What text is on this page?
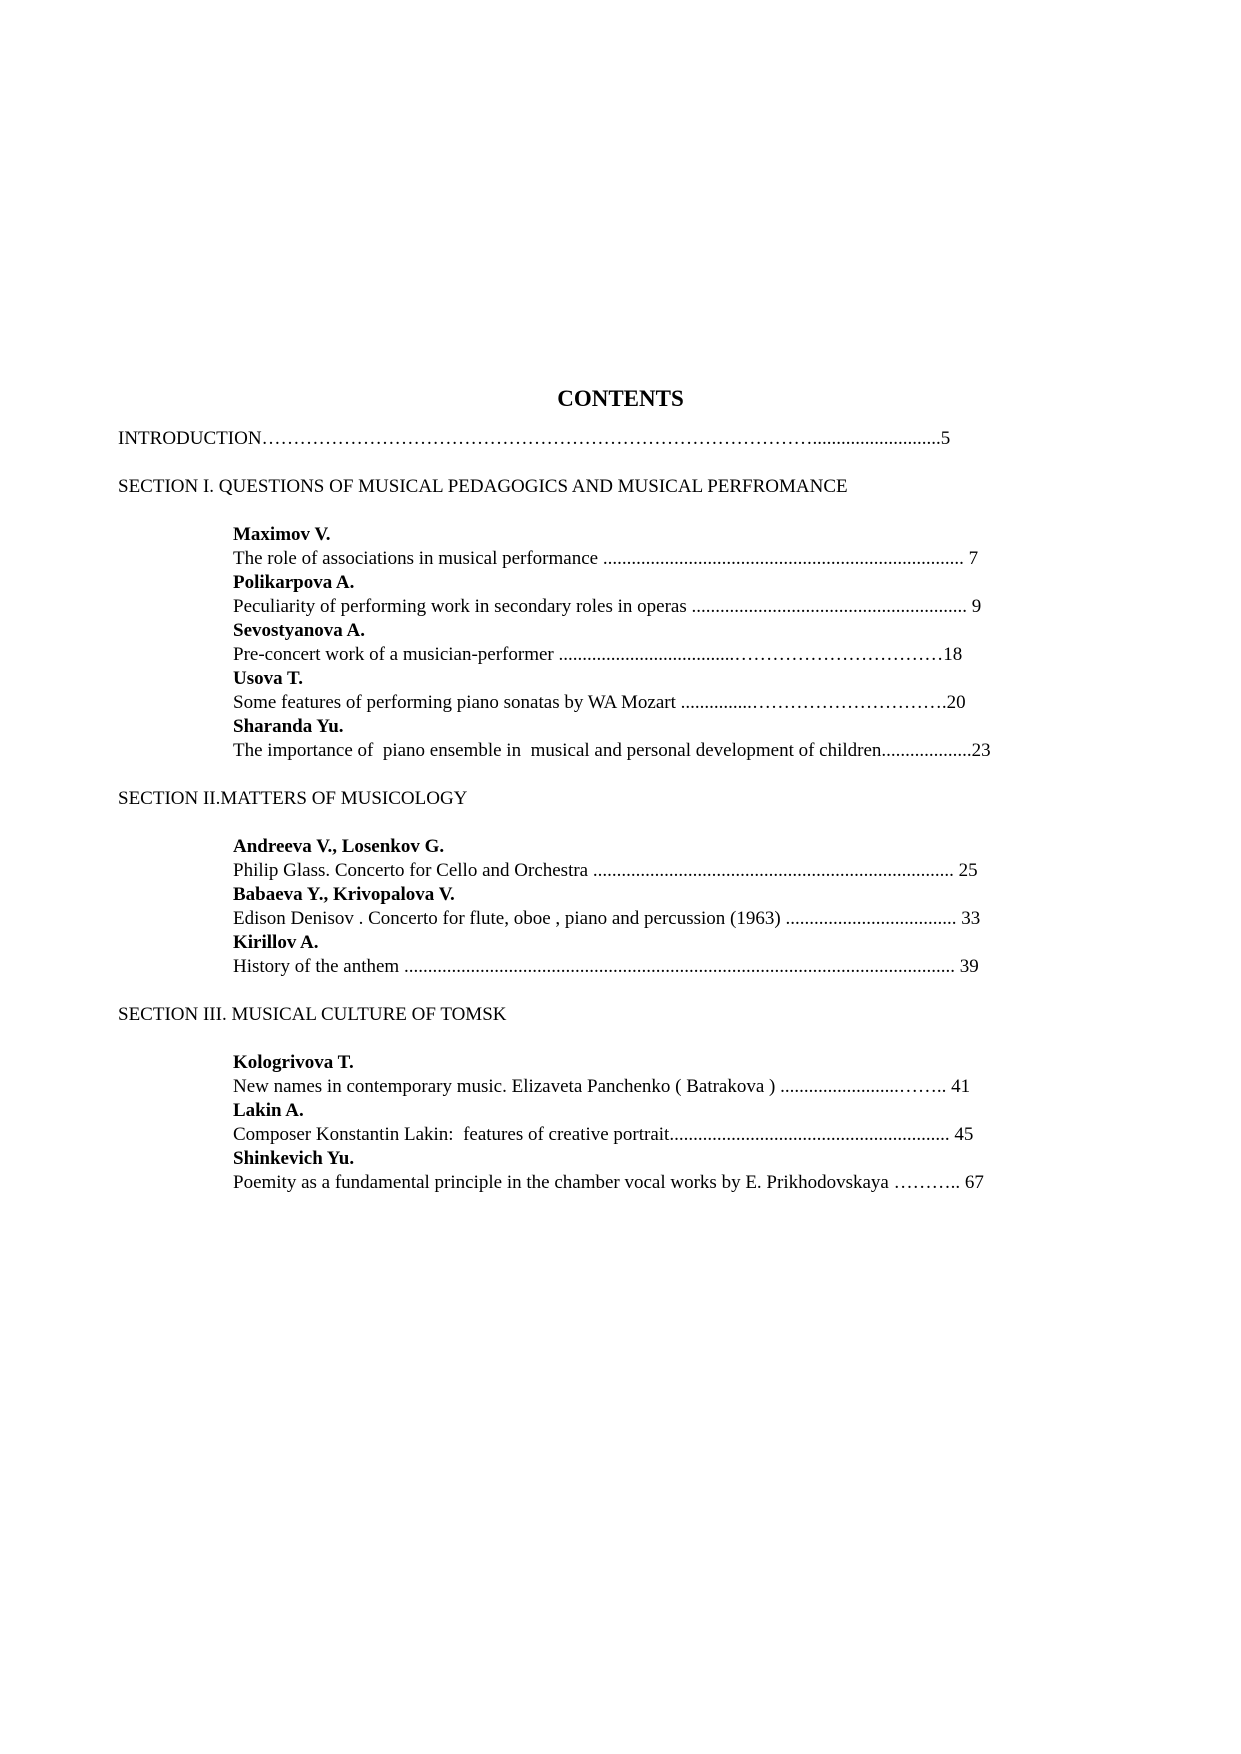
CONTENTS
INTRODUCTION……………………………………………………………………………...........................5
SECTION I. QUESTIONS OF MUSICAL PEDAGOGICS AND MUSICAL PERFROMANCE
Maximov V.
The role of associations in musical performance ............................................................................ 7
Polikarpova A.
Peculiarity of performing work in secondary roles in operas .......................................................... 9
Sevostyanova A.
Pre-concert work of a musician-performer .....................................……………………………18
Usova T.
Some features of performing piano sonatas by WA Mozart ...............………………………….20
Sharanda Yu.
The importance of  piano ensemble in  musical and personal development of children...................23
SECTION II.MATTERS OF MUSICOLOGY
Andreeva V., Losenkov G.
Philip Glass. Concerto for Cello and Orchestra ............................................................................ 25
Babaeva Y., Krivopalova V.
Edison Denisov . Concerto for flute, oboe , piano and percussion (1963) .................................... 33
Kirillov A.
History of the anthem .................................................................................................................... 39
SECTION III. MUSICAL CULTURE OF TOMSK
Kologrivova T.
New names in contemporary music. Elizaveta Panchenko ( Batrakova ) .........................…….. 41
Lakin A.
Composer Konstantin Lakin:  features of creative portrait........................................................... 45
Shinkevich Yu.
Poemity as a fundamental principle in the chamber vocal works by E. Prikhodovskaya ……….. 67
